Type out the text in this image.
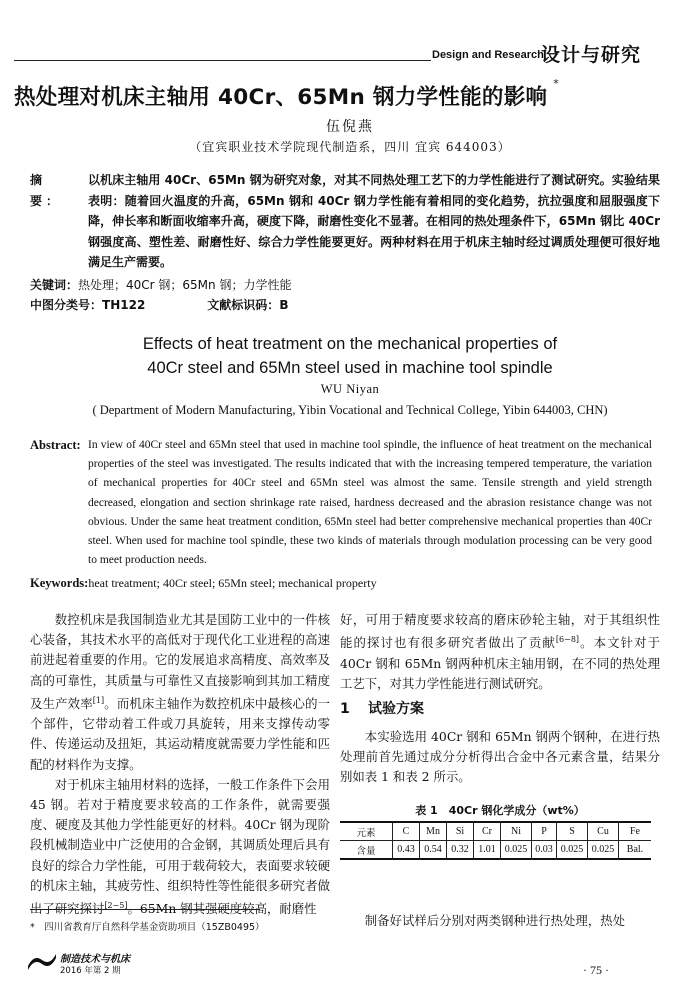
Design and Research
设计与研究
热处理对机床主轴用 40Cr、65Mn 钢力学性能的影响*
伍倪燕
（宜宾职业技术学院现代制造系，四川 宜宾 644003）
摘　要：
以机床主轴用 40Cr、65Mn 钢为研究对象，对其不同热处理工艺下的力学性能进行了测试研究。实验结果表明：随着回火温度的升高，65Mn 钢和 40Cr 钢力学性能有着相同的变化趋势，抗拉强度和屈服强度下降，伸长率和断面收缩率升高，硬度下降，耐磨性变化不显著。在相同的热处理条件下，65Mn 钢比 40Cr 钢强度高、塑性差、耐磨性好、综合力学性能要更好。两种材料在用于机床主轴时经过调质处理便可很好地满足生产需要。
关键词：热处理；40Cr 钢；65Mn 钢；力学性能
中图分类号：TH122	文献标识码：B
Effects of heat treatment on the mechanical properties of
40Cr steel and 65Mn steel used in machine tool spindle
WU Niyan
( Department of Modern Manufacturing, Yibin Vocational and Technical College, Yibin 644003, CHN)
Abstract: In view of 40Cr steel and 65Mn steel that used in machine tool spindle, the influence of heat treatment on the mechanical properties of the steel was investigated. The results indicated that with the increasing tempered temperature, the variation of mechanical properties for 40Cr steel and 65Mn steel was almost the same. Tensile strength and yield strength decreased, elongation and section shrinkage rate raised, hardness decreased and the abrasion resistance change was not obvious. Under the same heat treatment condition, 65Mn steel had better comprehensive mechanical properties than 40Cr steel. When used for machine tool spindle, these two kinds of materials through modulation processing can be very good to meet production needs.
Keywords:heat treatment; 40Cr steel; 65Mn steel; mechanical property

数控机床是我国制造业尤其是国防工业中的一件核心装备，其技术水平的高低对于现代化工业进程的高速前进起着重要的作用。它的发展追求高精度、高效率及高的可靠性，其质量与可靠性又直接影响到其加工精度及生产效率[1]。而机床主轴作为数控机床中最核心的一个部件，它带动着工件或刀具旋转，用来支撑传动零件、传递运动及扭矩，其运动精度就需要力学性能和匹配的材料作为支撑。

对于机床主轴用材料的选择，一般工作条件下会用 45 钢。若对于精度要求较高的工作条件，就需要强度、硬度及其他力学性能更好的材料。40Cr 钢为现阶段机械制造业中广泛使用的合金钢，其调质处理后具有良好的综合力学性能，可用于载荷较大，表面要求较硬的机床主轴，其疲劳性、组织特性等性能很多研究者做出了研究探讨[2−5]。65Mn 钢其强硬度较高，耐磨性

好，可用于精度要求较高的磨床砂轮主轴，对于其组织性能的探讨也有很多研究者做出了贡献[6−8]。本文针对于 40Cr 钢和 65Mn 钢两种机床主轴用钢，在不同的热处理工艺下，对其力学性能进行测试研究。

1 试验方案

本实验选用 40Cr 钢和 65Mn 钢两个钢种，在进行热处理前首先通过成分分析得出合金中各元素含量，结果分别如表 1 和表 2 所示。

表 1　40Cr 钢化学成分（wt%）
元素	C	Mn	Si	Cr	Ni	P	S	Cu	Fe
含量	0.43	0.54	0.32	1.01	0.025	0.03	0.025	0.025	Bal.

制备好试样后分别对两类钢种进行热处理，热处

*　四川省教育厅自然科学基金资助项目（15ZB0495）
制造技术与机床
2016 年第 2 期	· 75 ·
